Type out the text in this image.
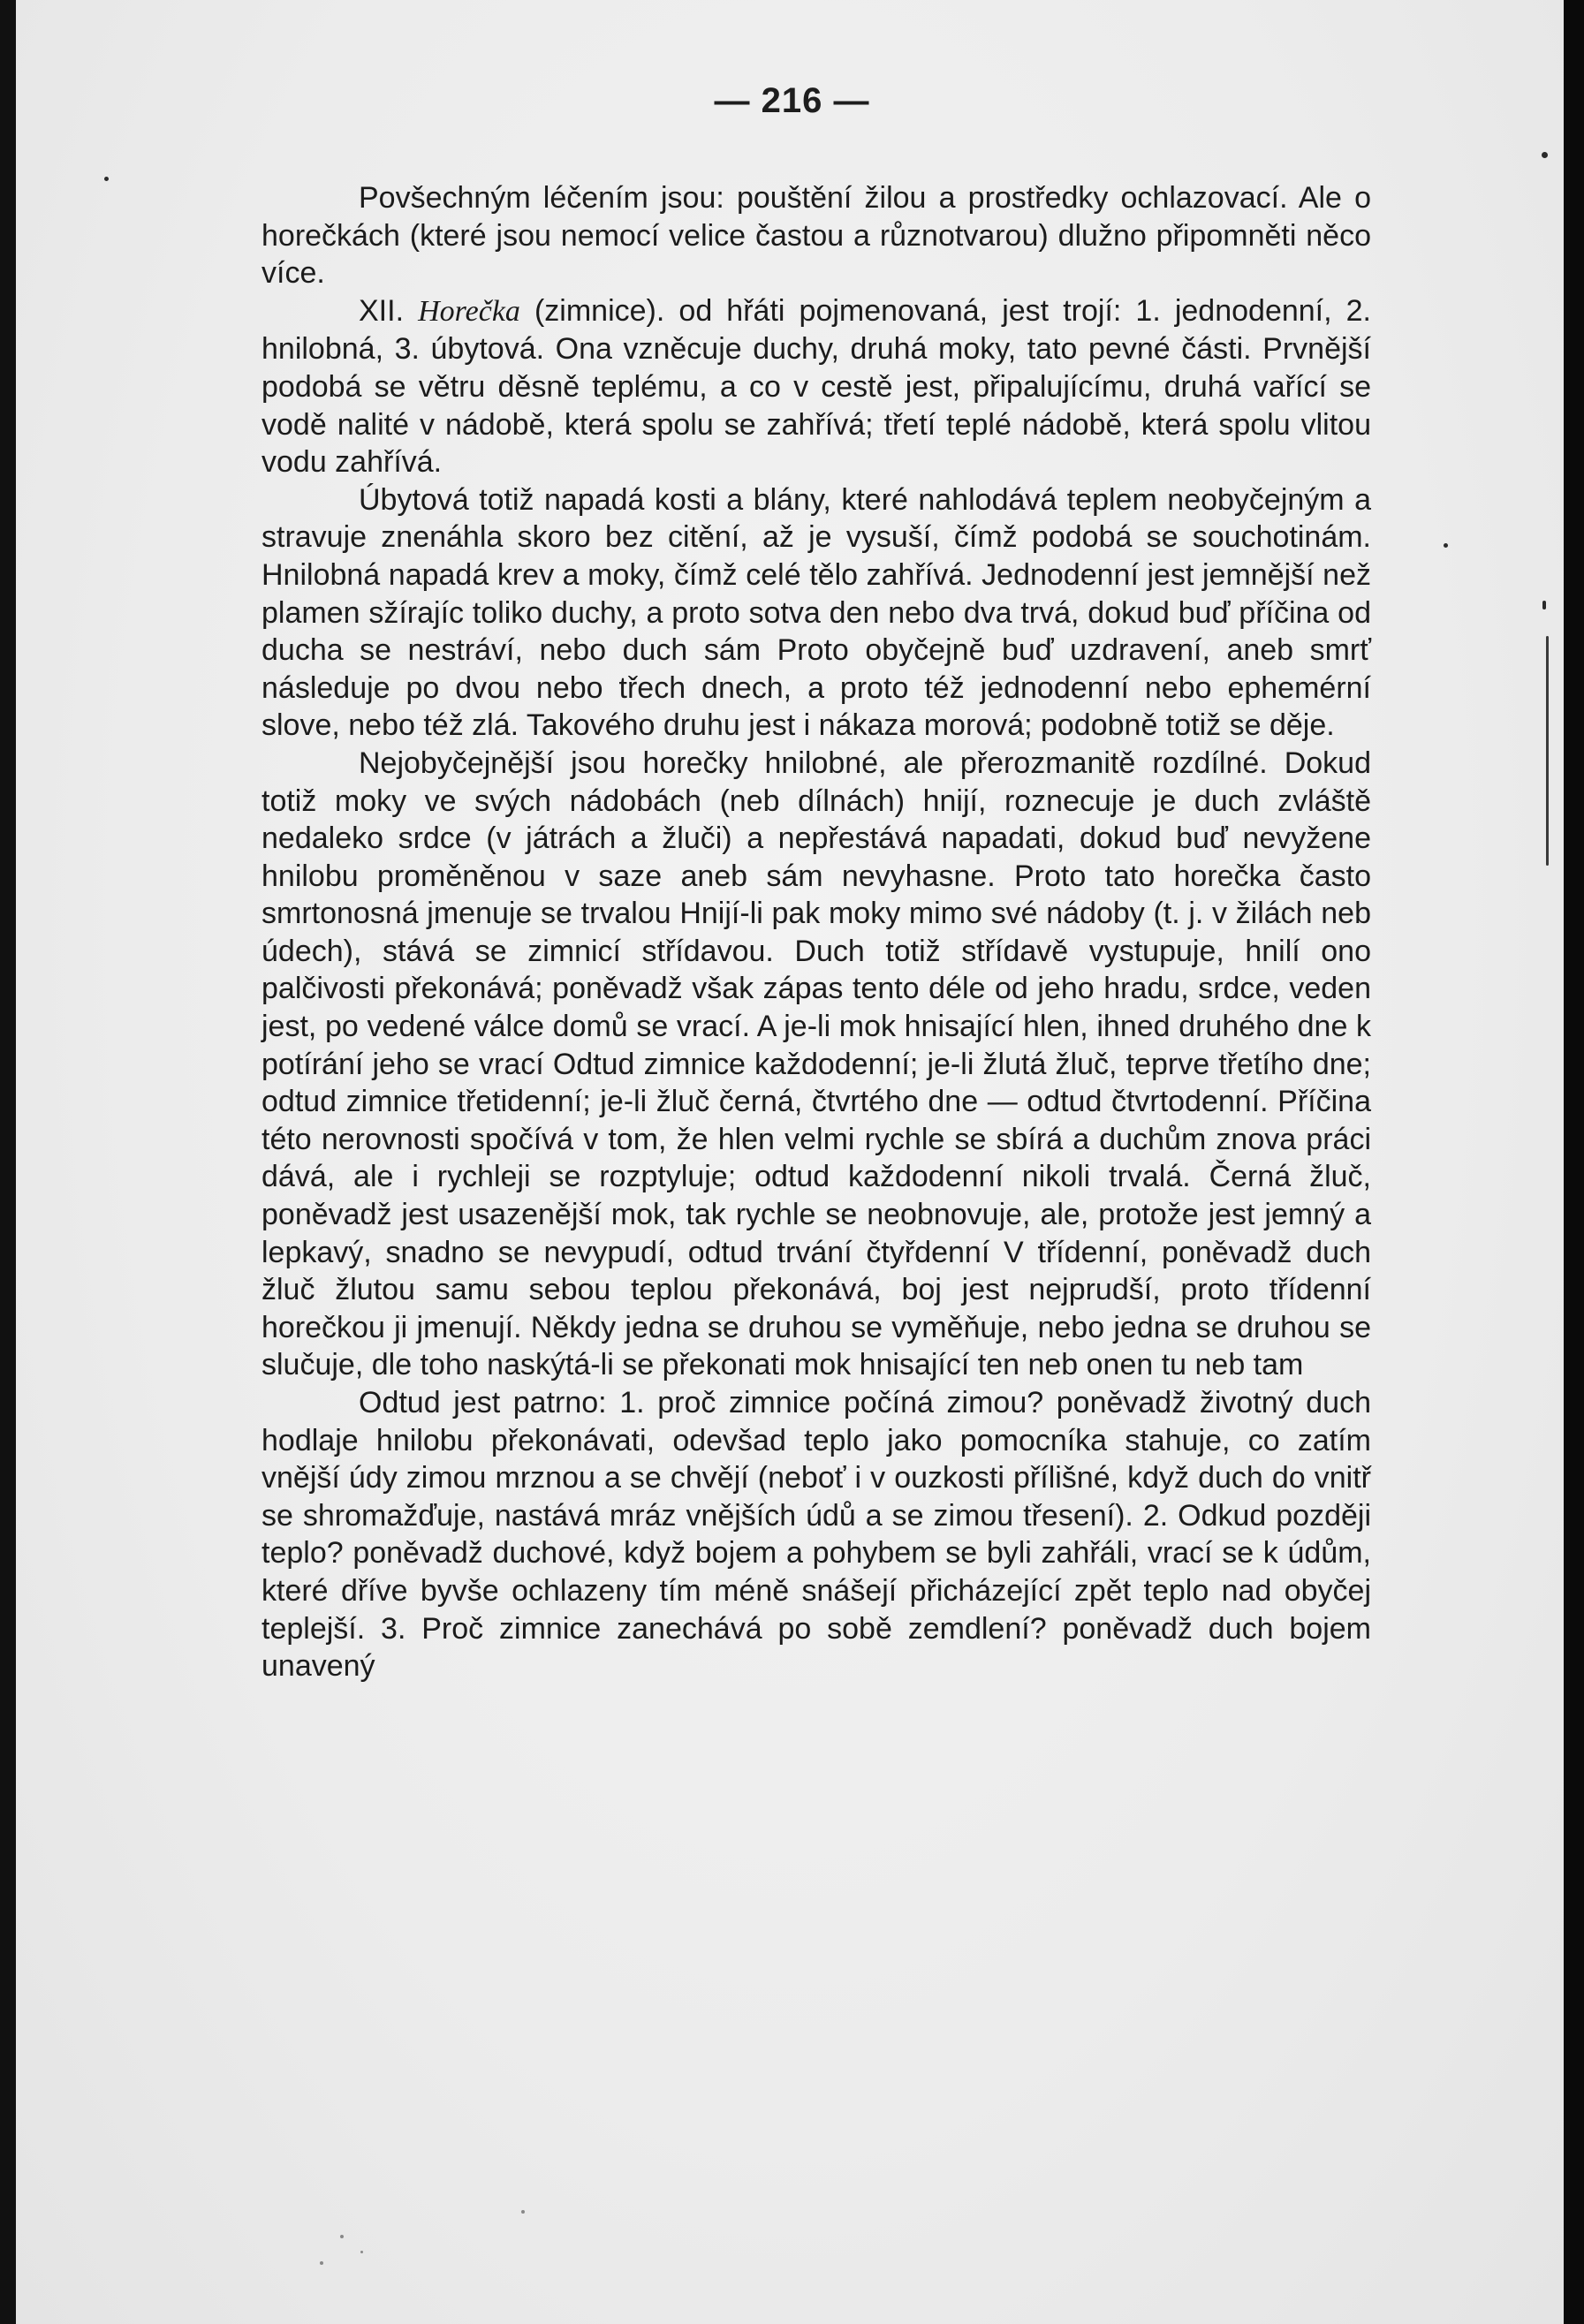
— 216 —

Povšechným léčením jsou: pouštění žilou a prostředky ochlazovací. Ale o horečkách (které jsou nemocí velice častou a různotvarou) dlužno připomněti něco více.

XII. Horečka (zimnice). od hřáti pojmenovaná, jest trojí: 1. jednodenní, 2. hnilobná, 3. úbytová. Ona vzněcuje duchy, druhá moky, tato pevné části. Prvnější podobá se větru děsně teplému, a co v cestě jest, připalujícímu, druhá vařící se vodě nalité v nádobě, která spolu se zahřívá; třetí teplé nádobě, která spolu vlitou vodu zahřívá.

Úbytová totiž napadá kosti a blány, které nahlodává teplem neobyčejným a stravuje znenáhla skoro bez citění, až je vysuší, čímž podobá se souchotinám. Hnilobná napadá krev a moky, čímž celé tělo zahřívá. Jednodenní jest jemnější než plamen sžírajíc toliko duchy, a proto sotva den nebo dva trvá, dokud buď příčina od ducha se nestráví, nebo duch sám Proto obyčejně buď uzdravení, aneb smrť následuje po dvou nebo třech dnech, a proto též jednodenní nebo ephemérní slove, nebo též zlá. Takového druhu jest i nákaza morová; podobně totiž se děje.

Nejobyčejnější jsou horečky hnilobné, ale přerozmanitě rozdílné. Dokud totiž moky ve svých nádobách (neb dílnách) hnijí, roznecuje je duch zvláště nedaleko srdce (v játrách a žluči) a nepřestává napadati, dokud buď nevyžene hnilobu proměněnou v saze aneb sám nevyhasne. Proto tato horečka často smrtonosná jmenuje se trvalou Hnijí-li pak moky mimo své nádoby (t. j. v žilách neb údech), stává se zimnicí střídavou. Duch totiž střídavě vystupuje, hnilí ono palčivosti překonává; poněvadž však zápas tento déle od jeho hradu, srdce, veden jest, po vedené válce domů se vrací. A je-li mok hnisající hlen, ihned druhého dne k potírání jeho se vrací Odtud zimnice každodenní; je-li žlutá žluč, teprve třetího dne; odtud zimnice třetidenní; je-li žluč černá, čtvrtého dne — odtud čtvrtodenní. Příčina této nerovnosti spočívá v tom, že hlen velmi rychle se sbírá a duchům znova práci dává, ale i rychleji se rozptyluje; odtud každodenní nikoli trvalá. Černá žluč, poněvadž jest usazenější mok, tak rychle se neobnovuje, ale, protože jest jemný a lepkavý, snadno se nevypudí, odtud trvání čtyřdenní V třídenní, poněvadž duch žluč žlutou samu sebou teplou překonává, boj jest nejprudší, proto třídenní horečkou ji jmenují. Někdy jedna se druhou se vyměňuje, nebo jedna se druhou se slučuje, dle toho naskýtá-li se překonati mok hnisající ten neb onen tu neb tam

Odtud jest patrno: 1. proč zimnice počíná zimou? poněvadž životný duch hodlaje hnilobu překonávati, odevšad teplo jako pomocníka stahuje, co zatím vnější údy zimou mrznou a se chvějí (neboť i v ouzkosti přílišné, když duch do vnitř se shromažďuje, nastává mráz vnějších údů a se zimou třesení). 2. Odkud později teplo? poněvadž duchové, když bojem a pohybem se byli zahřáli, vrací se k údům, které dříve byvše ochlazeny tím méně snášejí přicházející zpět teplo nad obyčej teplejší. 3. Proč zimnice zanechává po sobě zemdlení? poněvadž duch bojem unavený
